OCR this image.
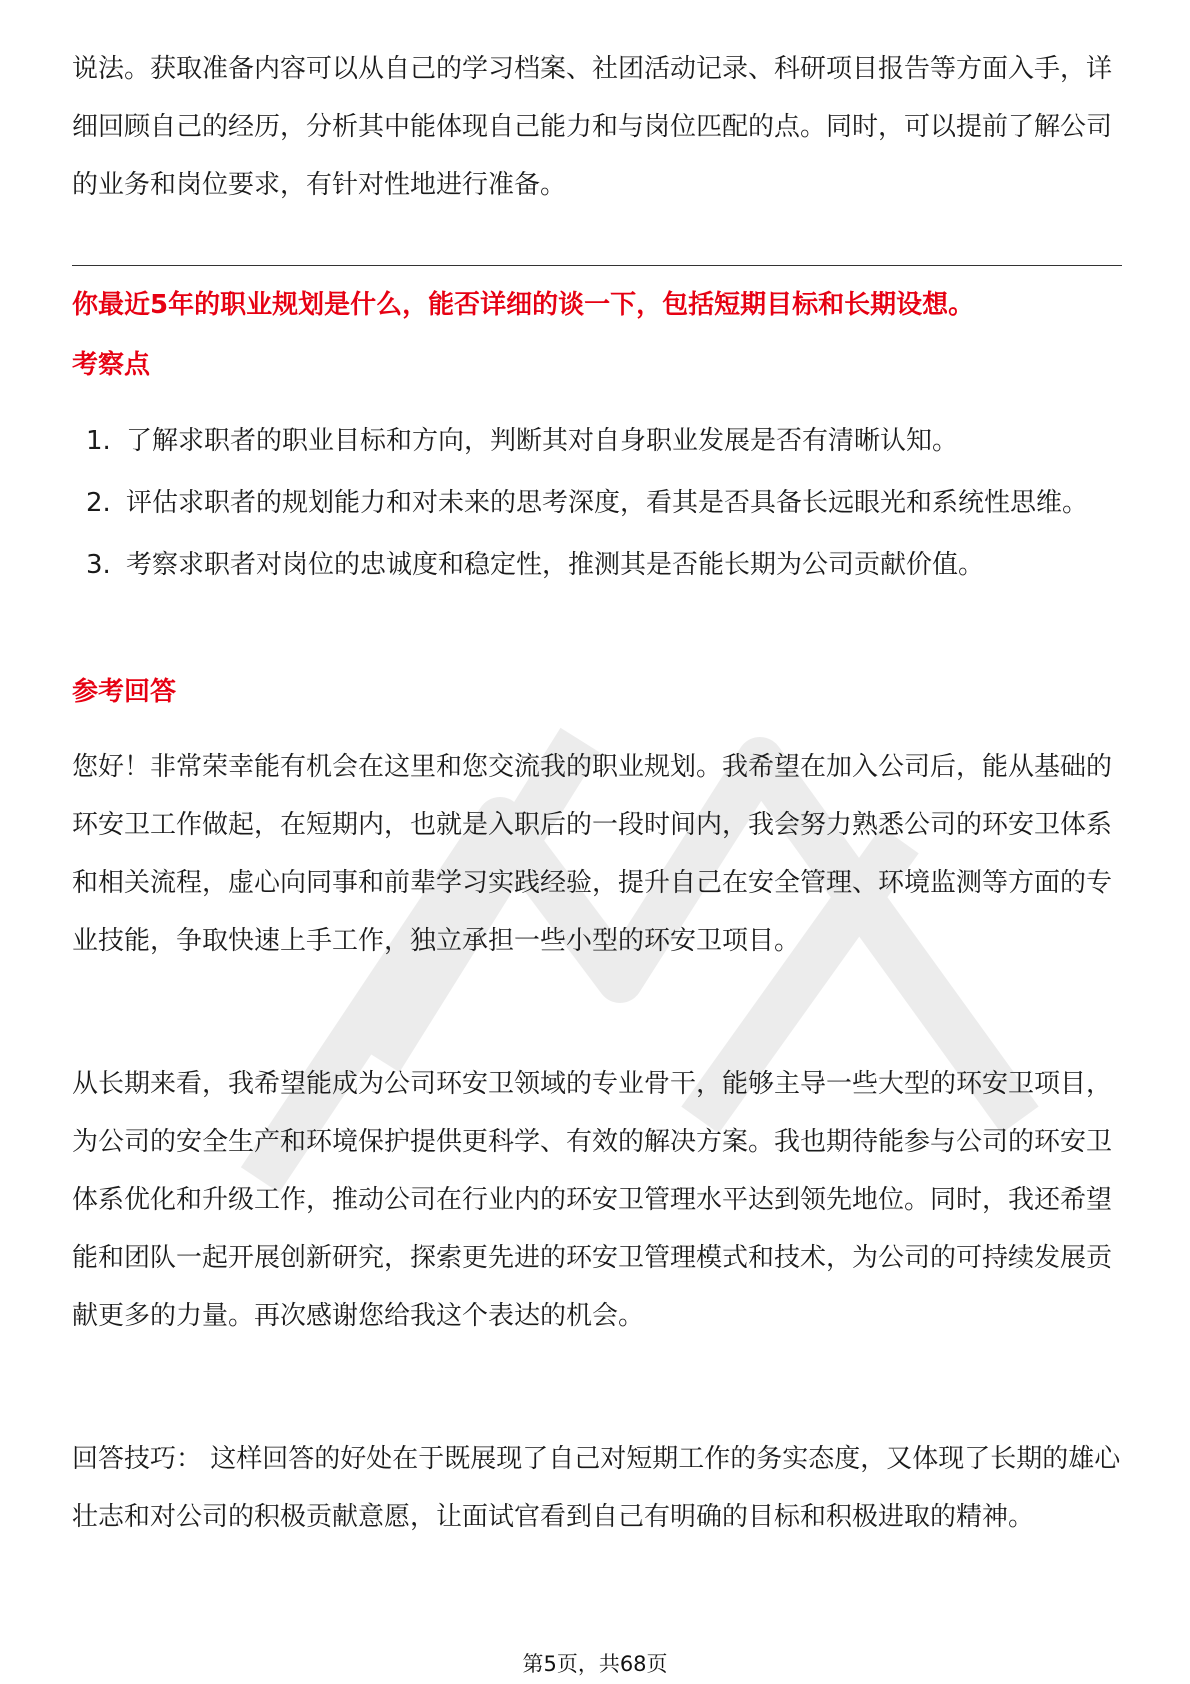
说法。获取准备内容可以从自己的学习档案、社团活动记录、科研项目报告等方面入手，详细回顾自己的经历，分析其中能体现自己能力和与岗位匹配的点。同时，可以提前了解公司的业务和岗位要求，有针对性地进行准备。

你最近5年的职业规划是什么，能否详细的谈一下，包括短期目标和长期设想。

考察点

1. 了解求职者的职业目标和方向，判断其对自身职业发展是否有清晰认知。
2. 评估求职者的规划能力和对未来的思考深度，看其是否具备长远眼光和系统性思维。
3. 考察求职者对岗位的忠诚度和稳定性，推测其是否能长期为公司贡献价值。

参考回答

您好！非常荣幸能有机会在这里和您交流我的职业规划。我希望在加入公司后，能从基础的环安卫工作做起，在短期内，也就是入职后的一段时间内，我会努力熟悉公司的环安卫体系和相关流程，虚心向同事和前辈学习实践经验，提升自己在安全管理、环境监测等方面的专业技能，争取快速上手工作，独立承担一些小型的环安卫项目。

从长期来看，我希望能成为公司环安卫领域的专业骨干，能够主导一些大型的环安卫项目，为公司的安全生产和环境保护提供更科学、有效的解决方案。我也期待能参与公司的环安卫体系优化和升级工作，推动公司在行业内的环安卫管理水平达到领先地位。同时，我还希望能和团队一起开展创新研究，探索更先进的环安卫管理模式和技术，为公司的可持续发展贡献更多的力量。再次感谢您给我这个表达的机会。

回答技巧： 这样回答的好处在于既展现了自己对短期工作的务实态度，又体现了长期的雄心壮志和对公司的积极贡献意愿，让面试官看到自己有明确的目标和积极进取的精神。

第5页，共68页
